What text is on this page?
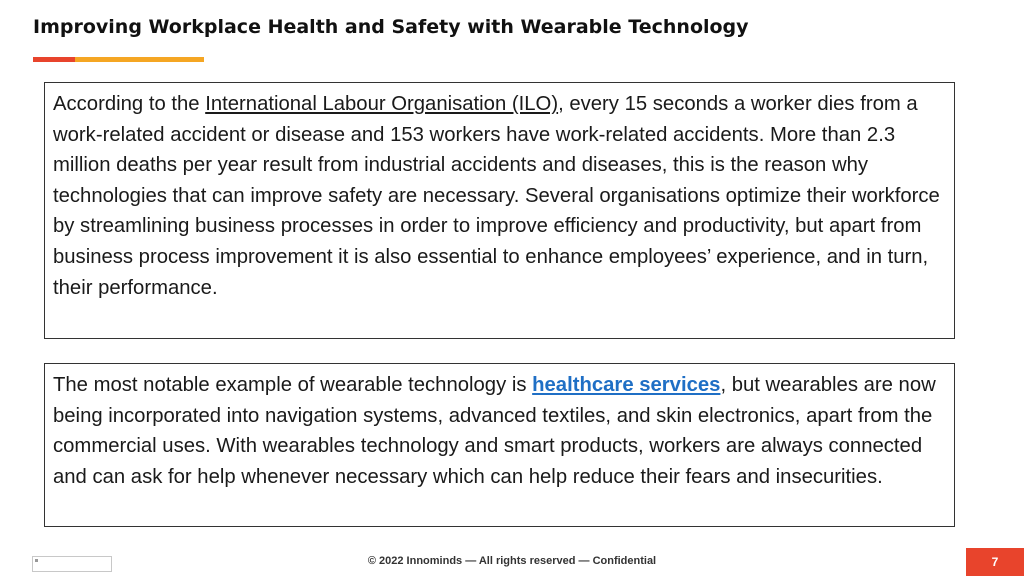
Improving Workplace Health and Safety with Wearable Technology
According to the International Labour Organisation (ILO), every 15 seconds a worker dies from a work-related accident or disease and 153 workers have work-related accidents. More than 2.3 million deaths per year result from industrial accidents and diseases, this is the reason why technologies that can improve safety are necessary. Several organisations optimize their workforce by streamlining business processes in order to improve efficiency and productivity, but apart from business process improvement it is also essential to enhance employees’ experience, and in turn, their performance.
The most notable example of wearable technology is healthcare services, but wearables are now being incorporated into navigation systems, advanced textiles, and skin electronics, apart from the commercial uses. With wearables technology and smart products, workers are always connected and can ask for help whenever necessary which can help reduce their fears and insecurities.
© 2022 Innominds — All rights reserved — Confidential	7
